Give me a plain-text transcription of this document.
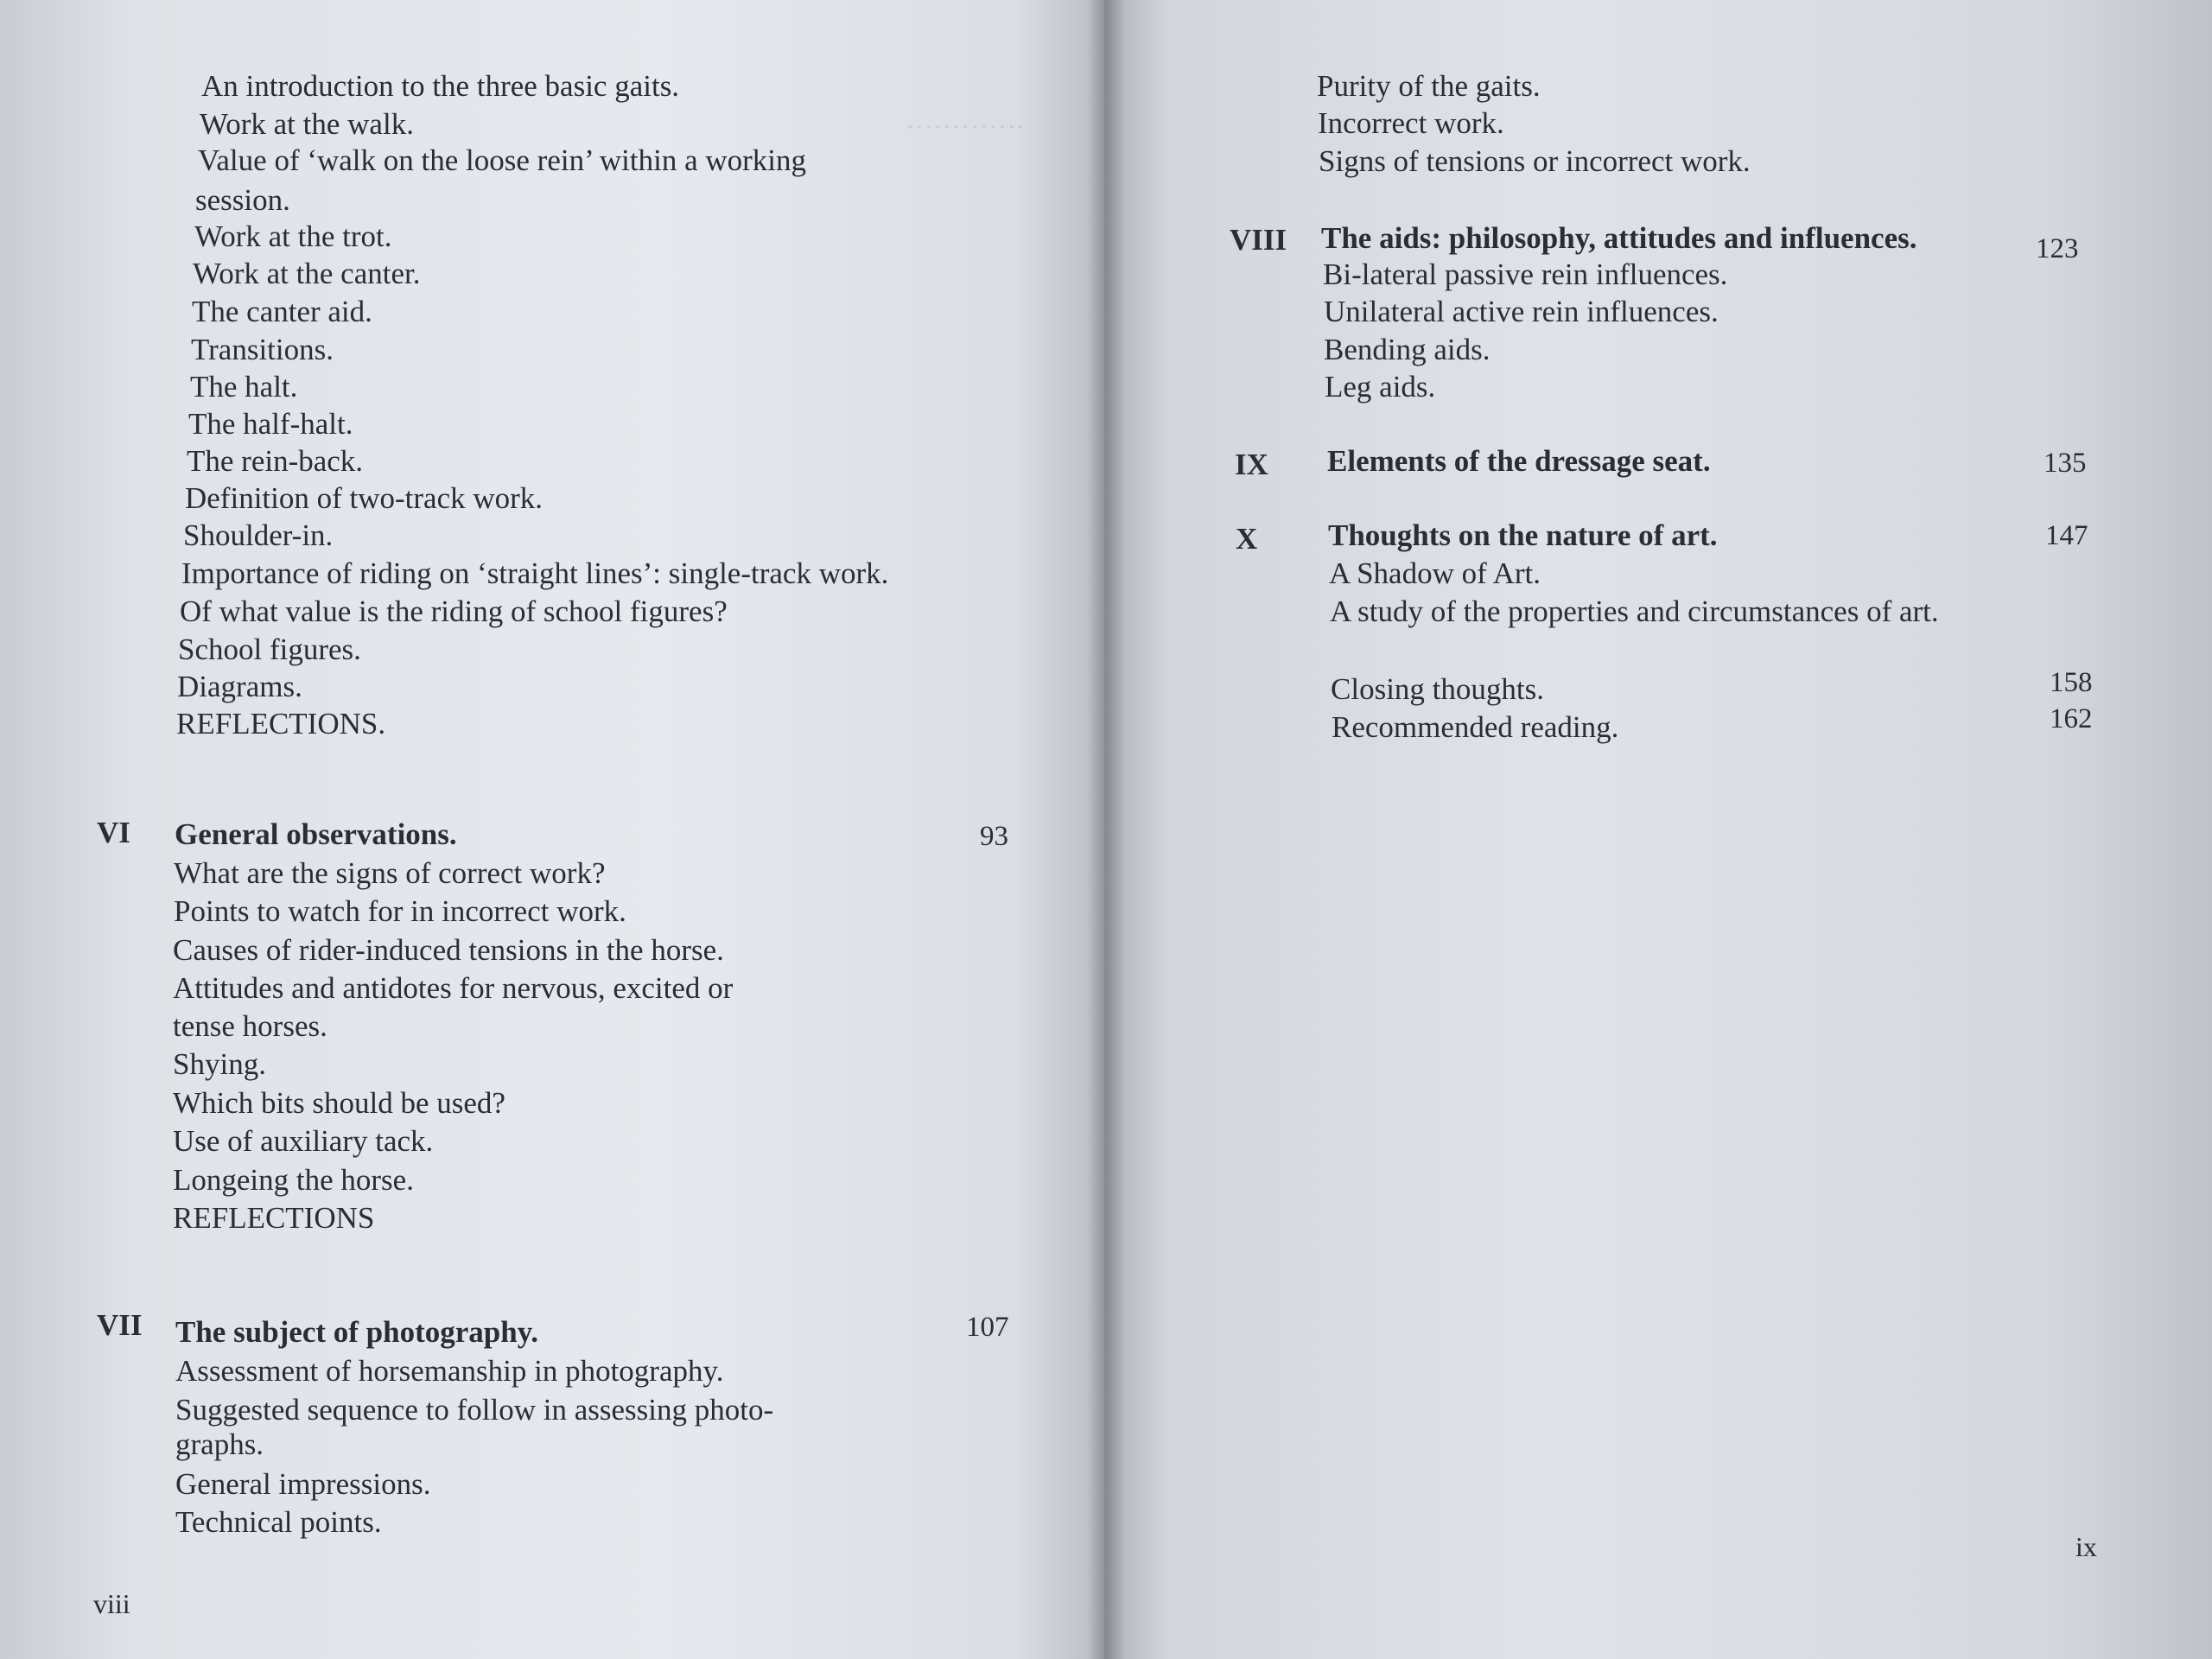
·············

An introduction to the three basic gaits.
Work at the walk.
Value of ‘walk on the loose rein’ within a working
session.
Work at the trot.
Work at the canter.
The canter aid.
Transitions.
The halt.
The half-halt.
The rein-back.
Definition of two-track work.
Shoulder-in.
Importance of riding on ‘straight lines’: single-track work.
Of what value is the riding of school figures?
School figures.
Diagrams.
REFLECTIONS.
VI General observations.	93
What are the signs of correct work?
Points to watch for in incorrect work.
Causes of rider-induced tensions in the horse.
Attitudes and antidotes for nervous, excited or
tense horses.
Shying.
Which bits should be used?
Use of auxiliary tack.
Longeing the horse.
REFLECTIONS
VII The subject of photography.	107
Assessment of horsemanship in photography.
Suggested sequence to follow in assessing photo-
graphs.
General impressions.
Technical points.
viii
Purity of the gaits.
Incorrect work.
Signs of tensions or incorrect work.
VIII The aids: philosophy, attitudes and influences.	123
Bi-lateral passive rein influences.
Unilateral active rein influences.
Bending aids.
Leg aids.
IX Elements of the dressage seat.	135
X Thoughts on the nature of art.	147
A Shadow of Art.
A study of the properties and circumstances of art.
Closing thoughts.	158
Recommended reading.	162
ix
